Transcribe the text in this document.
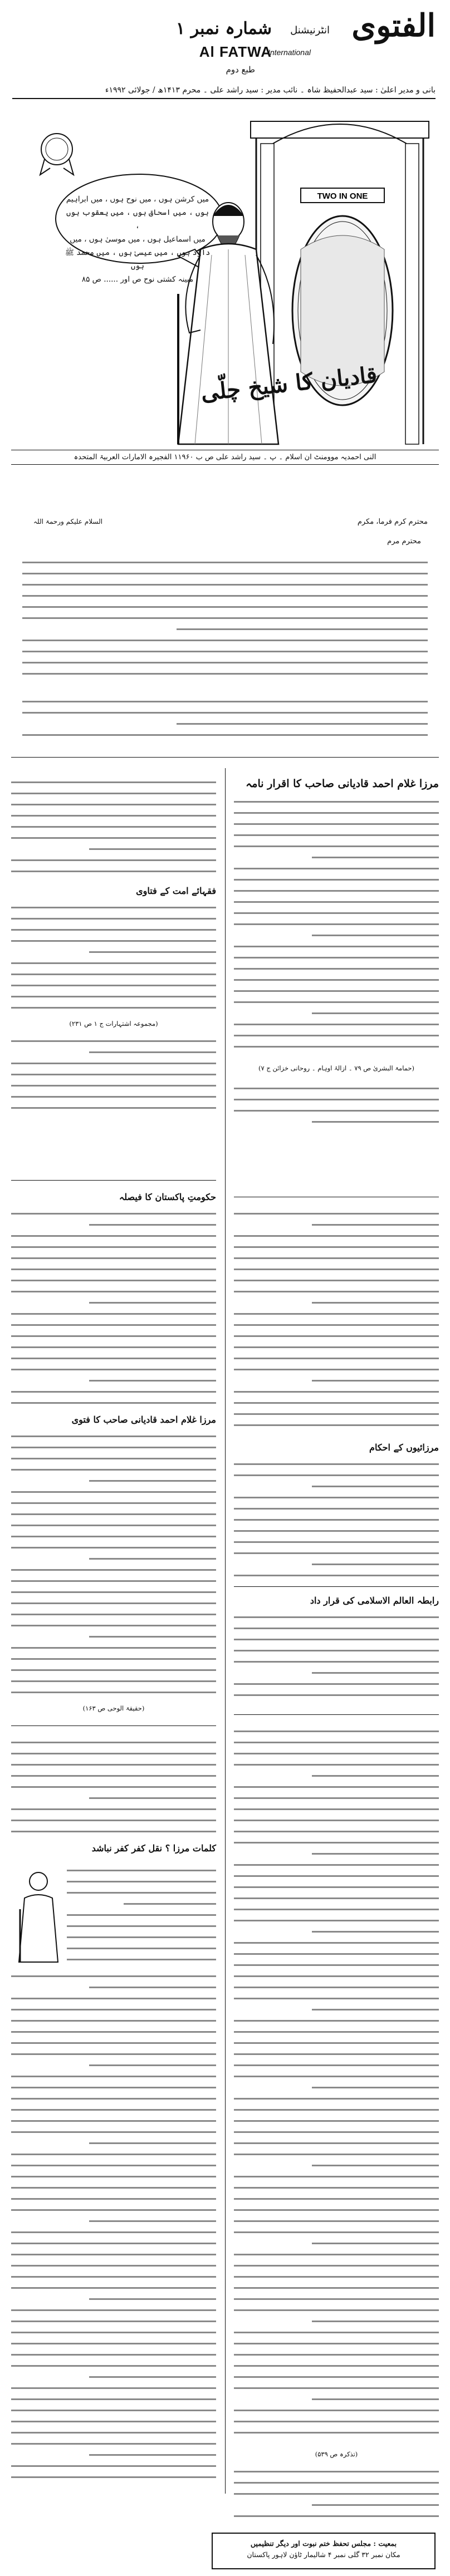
الفتوی
انٹرنیشنل
شمارہ نمبر ۱
Al FATWA
International
طبع دوم
بانی و مدیر اعلیٰ : سید عبدالحفیظ شاہ ۔ نائب مدیر : سید راشد علی ۔ محرم ۱۴۱۳ھ / جولائی ۱۹۹۲ء
TWO IN ONE
میں کرشن ہوں ، میں نوح ہوں ، میں ابراہیم
ہوں ، میں اسحاق ہوں ، میں یعقوب ہوں ،
میں اسماعیل ہوں ، میں موسیٰ ہوں ، میں
داؤد ہوں ، میں عیسیٰ ہوں ، میں محمد ﷺ ہوں
مبینہ کشتی نوح ص اور ...... ص ۸۵
قادیان کا شیخ چلّی
النی احمدیہ موومنٹ ان اسلام ۔ پ ۔ سید راشد علی ص ب ۱۱۹۶۰ الفجیرہ الامارات العربیۃ المتحدہ
محترم کرم فرما، مکرم
السلام علیکم ورحمۃ اللہ
محترم مرم
مرزا غلام احمد قادیانی صاحب کا اقرار نامہ
(حمامۃ البشریٰ ص ۷۹ ۔ ازالۂ اوہام ۔ روحانی خزائن ج ۷)
فقہائے امت کے فتاوی
(مجموعہ اشتہارات ج ۱ ص ۲۳۱)
حکومتِ پاکستان کا فیصلہ
مرزا غلام احمد قادیانی صاحب کا فتوی
(حقیقۃ الوحی ص ۱۶۳)
مرزائیوں کے احکام
رابطہ العالم الاسلامی کی قرار داد
(تذکرہ ص ۵۳۹)
کلمات مرزا ؟ نقل کفر کفر نباشد
بمعیت : مجلس تحفظ ختم نبوت اور دیگر تنظیمیں
مکان نمبر ۳۲ گلی نمبر ۴ شالیمار ٹاؤن لاہور پاکستان
